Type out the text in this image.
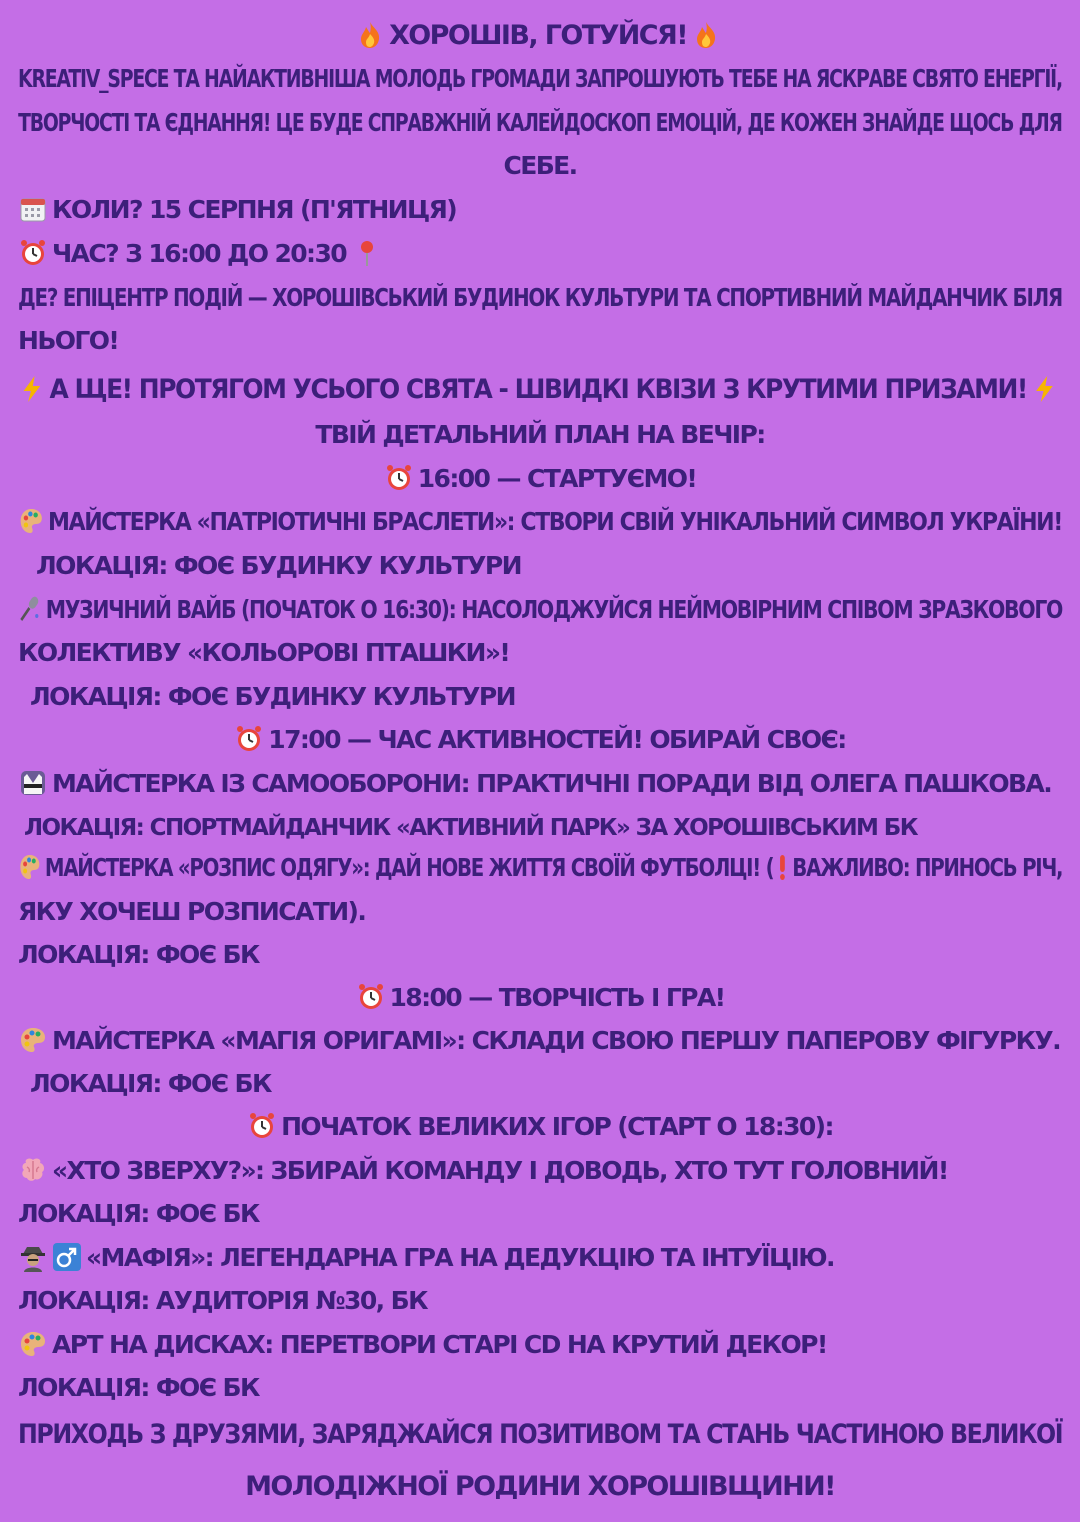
ХОРОШІВ, ГОТУЙСЯ!
KREATIV_SPECE ТА НАЙАКТИВНІША МОЛОДЬ ГРОМАДИ ЗАПРОШУЮТЬ ТЕБЕ НА ЯСКРАВЕ СВЯТО ЕНЕРГІЇ,
ТВОРЧОСТІ ТА ЄДНАННЯ! ЦЕ БУДЕ СПРАВЖНІЙ КАЛЕЙДОСКОП ЕМОЦІЙ, ДЕ КОЖЕН ЗНАЙДЕ ЩОСЬ ДЛЯ
СЕБЕ.
КОЛИ? 15 СЕРПНЯ (П'ЯТНИЦЯ)
ЧАС? З 16:00 ДО 20:30
ДЕ? ЕПІЦЕНТР ПОДІЙ — ХОРОШІВСЬКИЙ БУДИНОК КУЛЬТУРИ ТА СПОРТИВНИЙ МАЙДАНЧИК БІЛЯ
НЬОГО!
А ЩЕ! ПРОТЯГОМ УСЬОГО СВЯТА - ШВИДКІ КВІЗИ З КРУТИМИ ПРИЗАМИ!
ТВІЙ ДЕТАЛЬНИЙ ПЛАН НА ВЕЧІР:
16:00 — СТАРТУЄМО!
МАЙСТЕРКА «ПАТРІОТИЧНІ БРАСЛЕТИ»: СТВОРИ СВІЙ УНІКАЛЬНИЙ СИМВОЛ УКРАЇНИ!
ЛОКАЦІЯ: ФОЄ БУДИНКУ КУЛЬТУРИ
МУЗИЧНИЙ ВАЙБ (ПОЧАТОК О 16:30): НАСОЛОДЖУЙСЯ НЕЙМОВІРНИМ СПІВОМ ЗРАЗКОВОГО
КОЛЕКТИВУ «КОЛЬОРОВІ ПТАШКИ»!
ЛОКАЦІЯ: ФОЄ БУДИНКУ КУЛЬТУРИ
17:00 — ЧАС АКТИВНОСТЕЙ! ОБИРАЙ СВОЄ:
МАЙСТЕРКА ІЗ САМООБОРОНИ: ПРАКТИЧНІ ПОРАДИ ВІД ОЛЕГА ПАШКОВА.
ЛОКАЦІЯ: СПОРТМАЙДАНЧИК «АКТИВНИЙ ПАРК» ЗА ХОРОШІВСЬКИМ БК
МАЙСТЕРКА «РОЗПИС ОДЯГУ»: ДАЙ НОВЕ ЖИТТЯ СВОЇЙ ФУТБОЛЦІ! ( ВАЖЛИВО: ПРИНОСЬ РІЧ,
ЯКУ ХОЧЕШ РОЗПИСАТИ).
ЛОКАЦІЯ: ФОЄ БК
18:00 — ТВОРЧІСТЬ І ГРА!
МАЙСТЕРКА «МАГІЯ ОРИГАМІ»: СКЛАДИ СВОЮ ПЕРШУ ПАПЕРОВУ ФІГУРКУ.
ЛОКАЦІЯ: ФОЄ БК
ПОЧАТОК ВЕЛИКИХ ІГОР (СТАРТ О 18:30):
«ХТО ЗВЕРХУ?»: ЗБИРАЙ КОМАНДУ І ДОВОДЬ, ХТО ТУТ ГОЛОВНИЙ!
ЛОКАЦІЯ: ФОЄ БК
«МАФІЯ»: ЛЕГЕНДАРНА ГРА НА ДЕДУКЦІЮ ТА ІНТУЇЦІЮ.
ЛОКАЦІЯ: АУДИТОРІЯ №30, БК
АРТ НА ДИСКАХ: ПЕРЕТВОРИ СТАРІ CD НА КРУТИЙ ДЕКОР!
ЛОКАЦІЯ: ФОЄ БК
ПРИХОДЬ З ДРУЗЯМИ, ЗАРЯДЖАЙСЯ ПОЗИТИВОМ ТА СТАНЬ ЧАСТИНОЮ ВЕЛИКОЇ
МОЛОДІЖНОЇ РОДИНИ ХОРОШІВЩИНИ!
